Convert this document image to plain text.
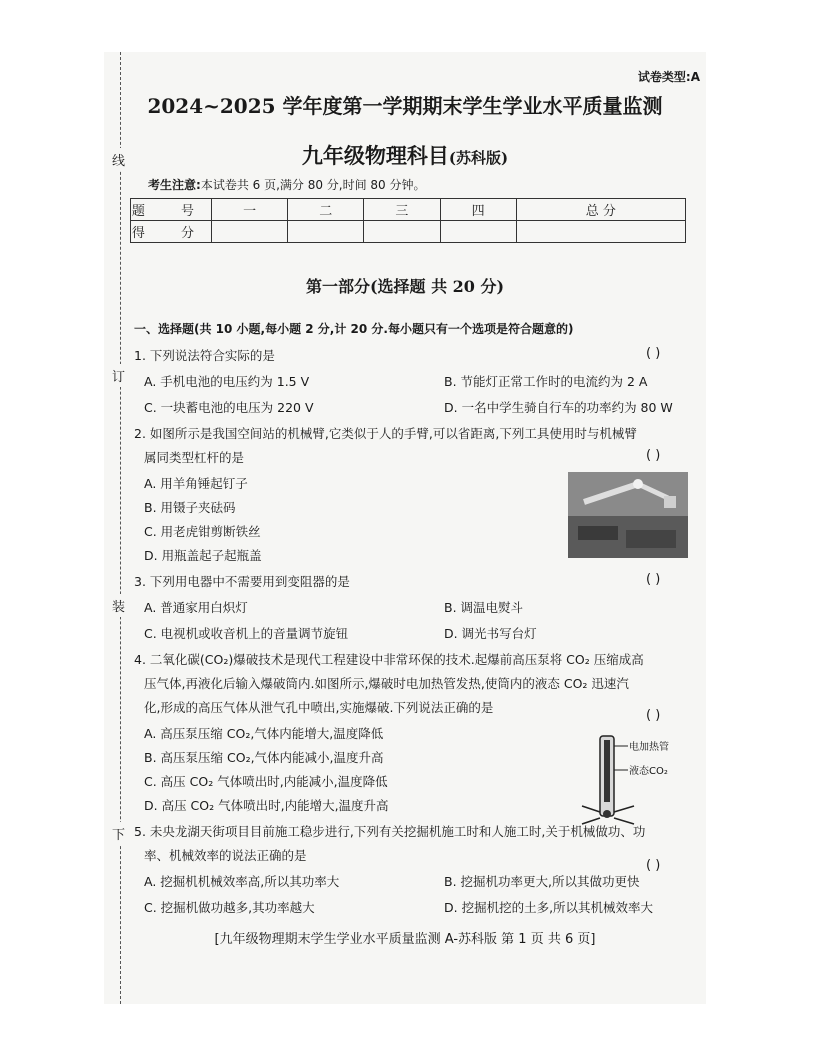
线
订
装
下
试卷类型:A
2024~2025 学年度第一学期期末学生学业水平质量监测
九年级物理科目(苏科版)
考生注意:本试卷共 6 页,满分 80 分,时间 80 分钟。
题 号	一	二	三	四	总 分
得 分					
第一部分(选择题 共 20 分)
一、选择题(共 10 小题,每小题 2 分,计 20 分.每小题只有一个选项是符合题意的)
1. 下列说法符合实际的是	( )
A. 手机电池的电压约为 1.5 V	B. 节能灯正常工作时的电流约为 2 A
C. 一块蓄电池的电压为 220 V	D. 一名中学生骑自行车的功率约为 80 W
2. 如图所示是我国空间站的机械臂,它类似于人的手臂,可以省距离,下列工具使用时与机械臂
属同类型杠杆的是	( )
A. 用羊角锤起钉子
B. 用镊子夹砝码
C. 用老虎钳剪断铁丝
D. 用瓶盖起子起瓶盖
3. 下列用电器中不需要用到变阻器的是	( )
A. 普通家用白炽灯	B. 调温电熨斗
C. 电视机或收音机上的音量调节旋钮	D. 调光书写台灯
4. 二氧化碳(CO₂)爆破技术是现代工程建设中非常环保的技术.起爆前高压泵将 CO₂ 压缩成高
压气体,再液化后输入爆破筒内.如图所示,爆破时电加热管发热,使筒内的液态 CO₂ 迅速汽
化,形成的高压气体从泄气孔中喷出,实施爆破.下列说法正确的是
( )
A. 高压泵压缩 CO₂,气体内能增大,温度降低
B. 高压泵压缩 CO₂,气体内能减小,温度升高
C. 高压 CO₂ 气体喷出时,内能减小,温度降低
D. 高压 CO₂ 气体喷出时,内能增大,温度升高
电加热管
液态CO₂
5. 未央龙湖天街项目目前施工稳步进行,下列有关挖掘机施工时和人施工时,关于机械做功、功
率、机械效率的说法正确的是
( )
A. 挖掘机机械效率高,所以其功率大	B. 挖掘机功率更大,所以其做功更快
C. 挖掘机做功越多,其功率越大	D. 挖掘机挖的土多,所以其机械效率大
[九年级物理期末学生学业水平质量监测 A-苏科版 第 1 页 共 6 页]
